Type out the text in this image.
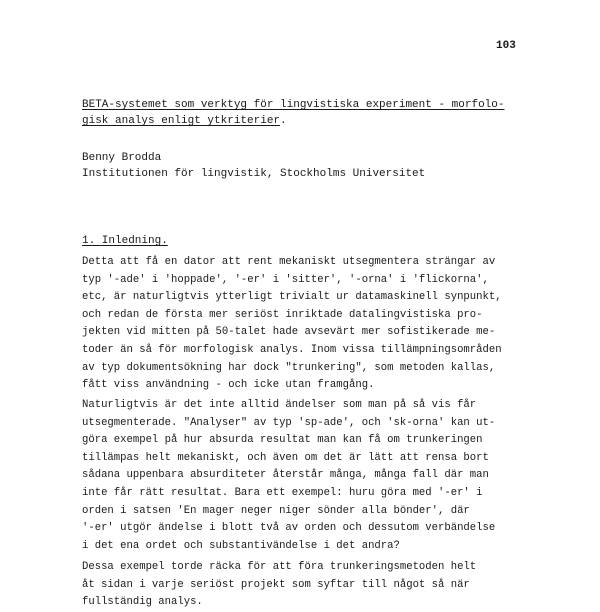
103
BETA-systemet som verktyg för lingvistiska experiment - morfolo-
gisk analys enligt ytkriterier.
Benny Brodda
Institutionen för lingvistik, Stockholms Universitet
1. Inledning.
Detta att få en dator att rent mekaniskt utsegmentera strängar av
typ '-ade' i 'hoppade', '-er' i 'sitter', '-orna' i 'flickorna',
etc, är naturligtvis ytterligt trivialt ur datamaskinell synpunkt,
och redan de första mer seriöst inriktade datalingvistiska pro-
jekten vid mitten på 50-talet hade avsevärt mer sofistikerade me-
toder än så för morfologisk analys. Inom vissa tillämpningsområden
av typ dokumentsökning har dock "trunkering", som metoden kallas,
fått viss användning - och icke utan framgång.
Naturligtvis är det inte alltid ändelser som man på så vis får
utsegmenterade. "Analyser" av typ 'sp-ade', och 'sk-orna' kan ut-
göra exempel på hur absurda resultat man kan få om trunkeringen
tillämpas helt mekaniskt, och även om det är lätt att rensa bort
sådana uppenbara absurditeter återstår många, många fall där man
inte får rätt resultat. Bara ett exempel: huru göra med '-er' i
orden i satsen 'En mager neger niger sönder alla bönder', där
'-er' utgör ändelse i blott två av orden och dessutom verbändelse
i det ena ordet och substantivändelse i det andra?
Dessa exempel torde räcka för att föra trunkeringsmetoden helt
åt sidan i varje seriöst projekt som syftar till något så när
fullständig analys.
